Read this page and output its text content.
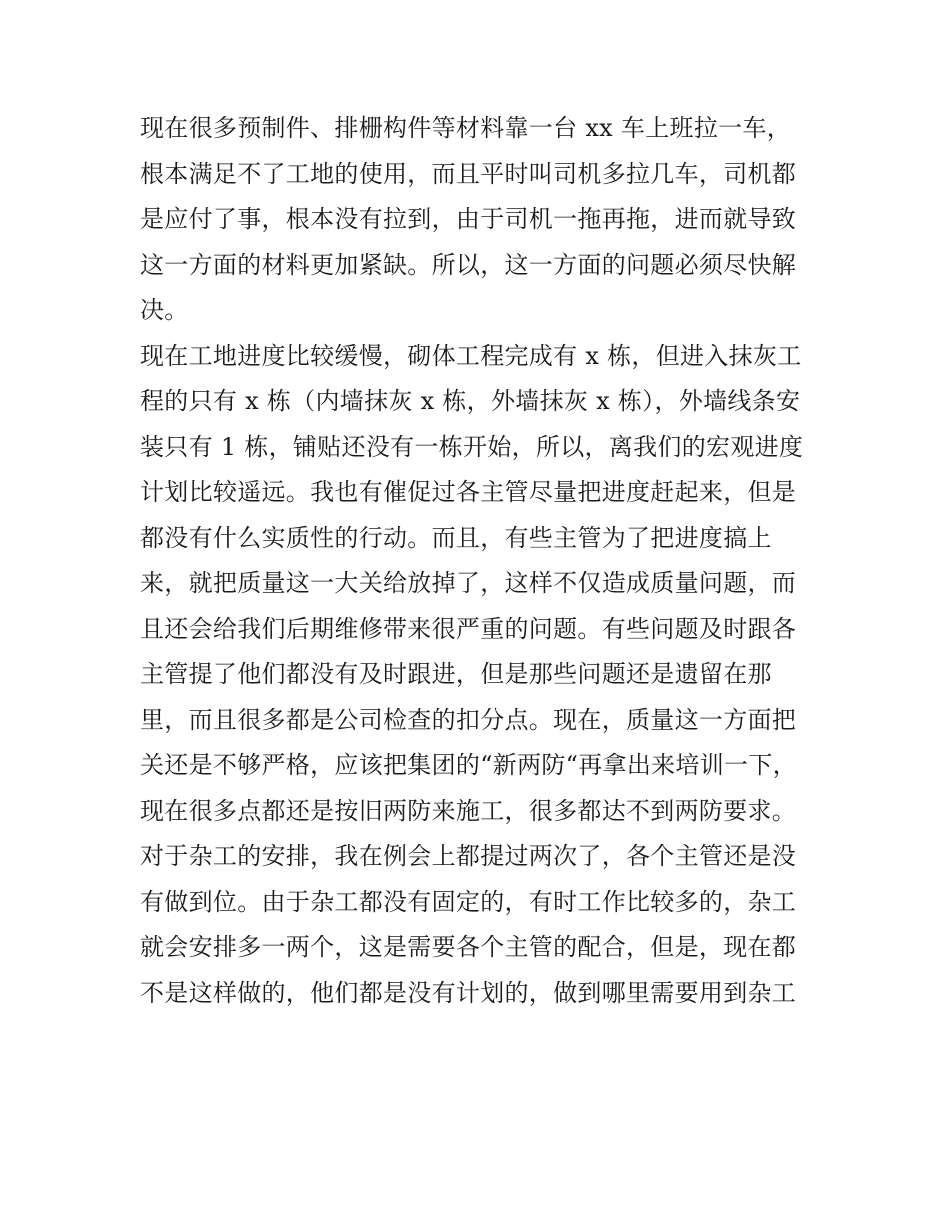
现在很多预制件、排栅构件等材料靠一台 xx 车上班拉一车，
根本满足不了工地的使用，而且平时叫司机多拉几车，司机都
是应付了事，根本没有拉到，由于司机一拖再拖，进而就导致
这一方面的材料更加紧缺。所以，这一方面的问题必须尽快解
决。
现在工地进度比较缓慢，砌体工程完成有 x 栋，但进入抹灰工
程的只有 x 栋（内墙抹灰 x 栋，外墙抹灰 x 栋），外墙线条安
装只有 1 栋，铺贴还没有一栋开始，所以，离我们的宏观进度
计划比较遥远。我也有催促过各主管尽量把进度赶起来，但是
都没有什么实质性的行动。而且，有些主管为了把进度搞上
来，就把质量这一大关给放掉了，这样不仅造成质量问题，而
且还会给我们后期维修带来很严重的问题。有些问题及时跟各
主管提了他们都没有及时跟进，但是那些问题还是遗留在那
里，而且很多都是公司检查的扣分点。现在，质量这一方面把
关还是不够严格，应该把集团的“新两防“再拿出来培训一下，
现在很多点都还是按旧两防来施工，很多都达不到两防要求。
对于杂工的安排，我在例会上都提过两次了，各个主管还是没
有做到位。由于杂工都没有固定的，有时工作比较多的，杂工
就会安排多一两个，这是需要各个主管的配合，但是，现在都
不是这样做的，他们都是没有计划的，做到哪里需要用到杂工
